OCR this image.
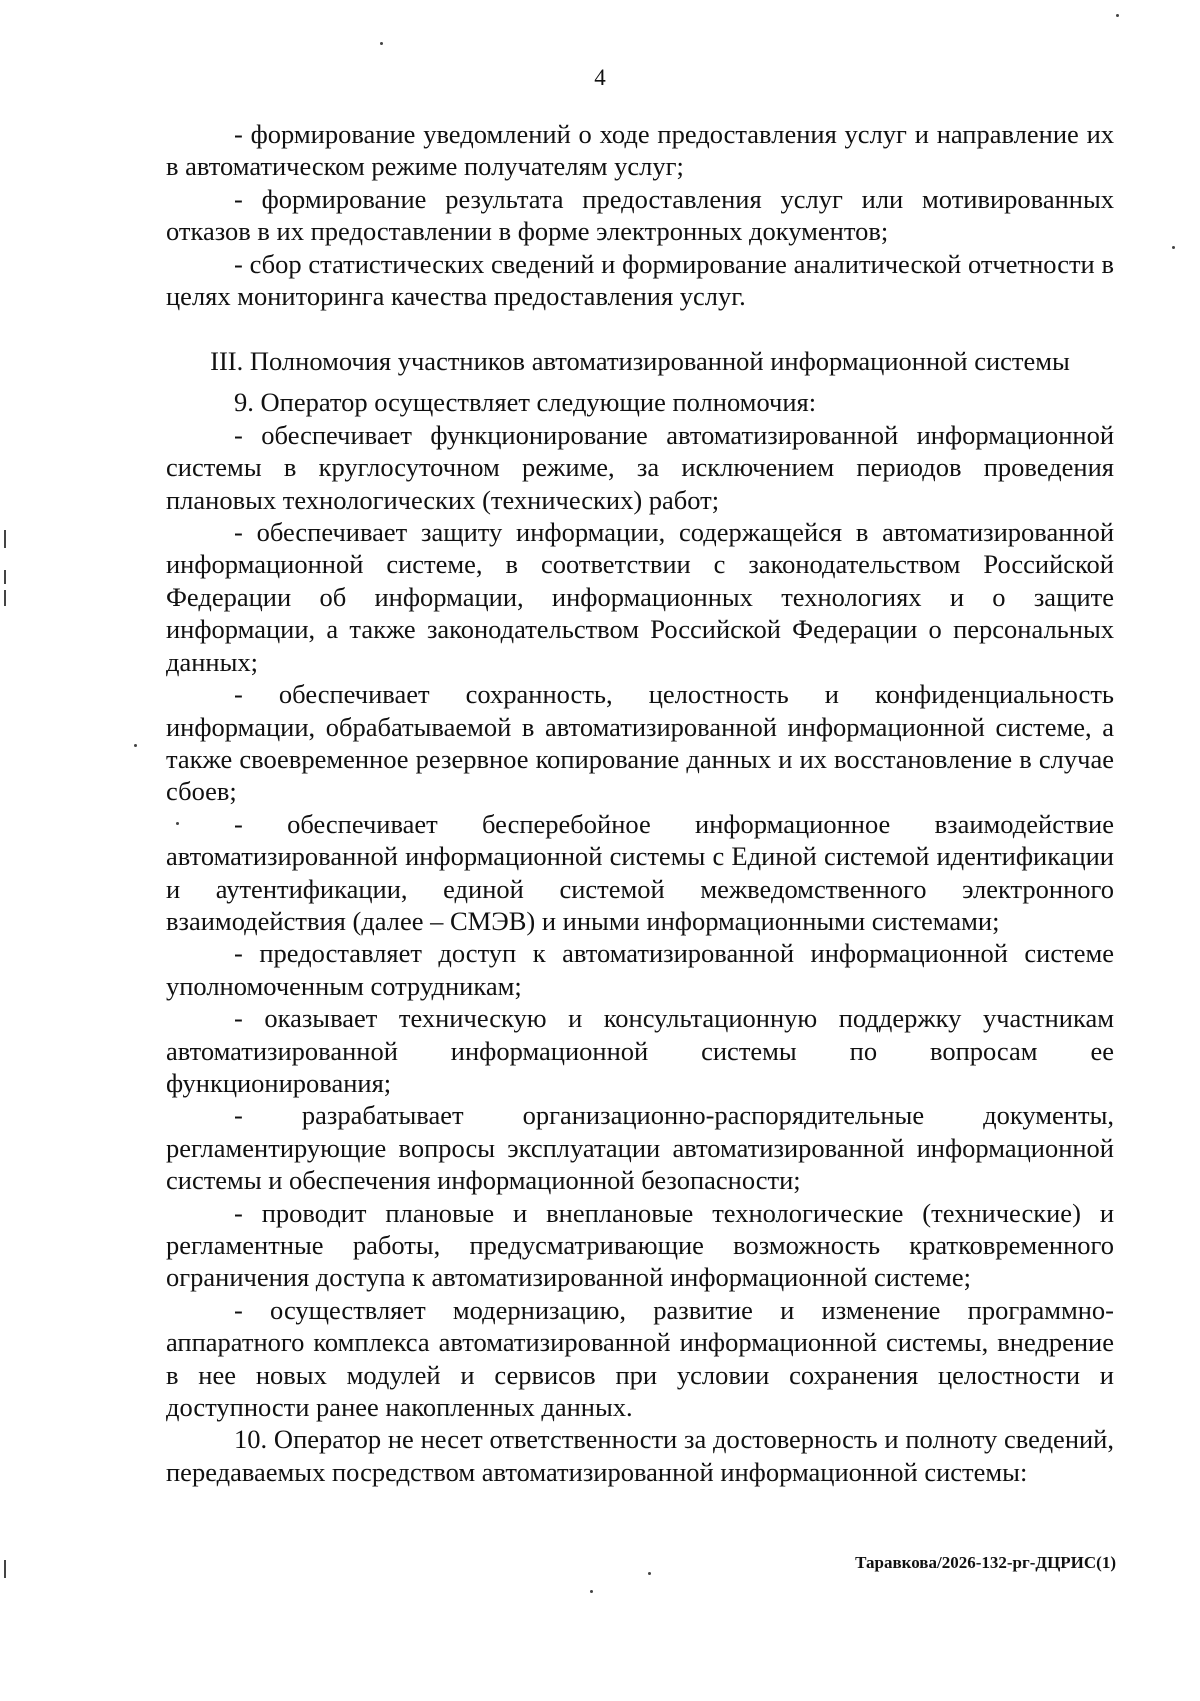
4

- формирование уведомлений о ходе предоставления услуг и направление их в автоматическом режиме получателям услуг;

- формирование результата предоставления услуг или мотивированных отказов в их предоставлении в форме электронных документов;

- сбор статистических сведений и формирование аналитической отчетности в целях мониторинга качества предоставления услуг.

III. Полномочия участников автоматизированной информационной системы

9. Оператор осуществляет следующие полномочия:

- обеспечивает функционирование автоматизированной информационной системы в круглосуточном режиме, за исключением периодов проведения плановых технологических (технических) работ;

- обеспечивает защиту информации, содержащейся в автоматизированной информационной системе, в соответствии с законодательством Российской Федерации об информации, информационных технологиях и о защите информации, а также законодательством Российской Федерации о персональных данных;

- обеспечивает сохранность, целостность и конфиденциальность информации, обрабатываемой в автоматизированной информационной системе, а также своевременное резервное копирование данных и их восстановление в случае сбоев;

- обеспечивает бесперебойное информационное взаимодействие автоматизированной информационной системы с Единой системой идентификации и аутентификации, единой системой межведомственного электронного взаимодействия (далее – СМЭВ) и иными информационными системами;

- предоставляет доступ к автоматизированной информационной системе уполномоченным сотрудникам;

- оказывает техническую и консультационную поддержку участникам автоматизированной информационной системы по вопросам ее функционирования;

- разрабатывает организационно-распорядительные документы, регламентирующие вопросы эксплуатации автоматизированной информационной системы и обеспечения информационной безопасности;

- проводит плановые и внеплановые технологические (технические) и регламентные работы, предусматривающие возможность кратковременного ограничения доступа к автоматизированной информационной системе;

- осуществляет модернизацию, развитие и изменение программно-аппаратного комплекса автоматизированной информационной системы, внедрение в нее новых модулей и сервисов при условии сохранения целостности и доступности ранее накопленных данных.

10. Оператор не несет ответственности за достоверность и полноту сведений, передаваемых посредством автоматизированной информационной системы:

Таравкова/2026-132-рг-ДЦРИС(1)
